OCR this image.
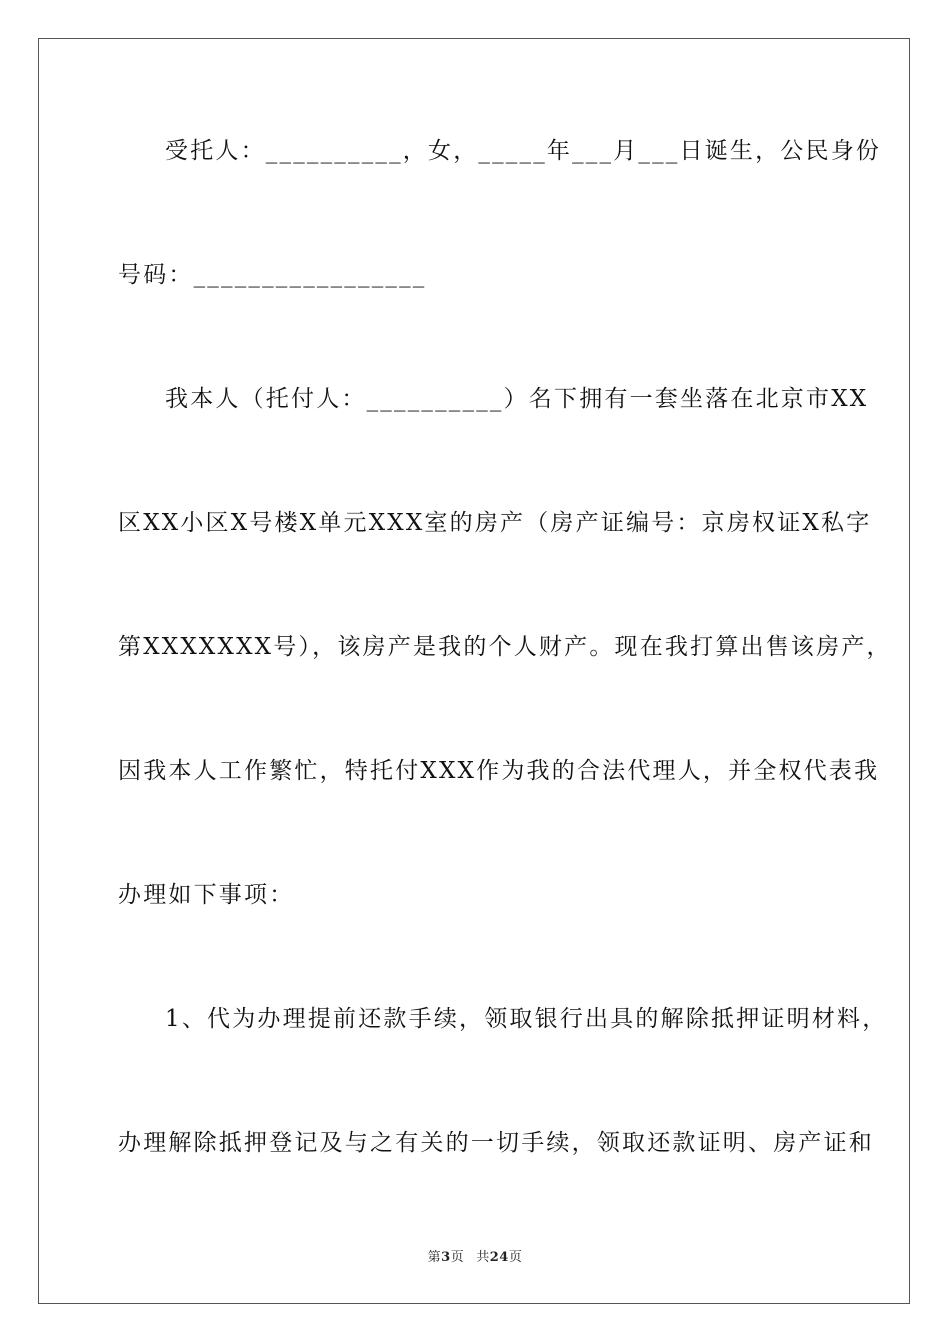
受托人：__________，女，_____年___月___日诞生，公民身份
号码：_________________
我本人（托付人：__________）名下拥有一套坐落在北京市XX
区XX小区X号楼X单元XXX室的房产（房产证编号：京房权证X私字
第XXXXXXX号），该房产是我的个人财产。现在我打算出售该房产，
因我本人工作繁忙，特托付XXX作为我的合法代理人，并全权代表我
办理如下事项：
1、代为办理提前还款手续，领取银行出具的解除抵押证明材料，
办理解除抵押登记及与之有关的一切手续，领取还款证明、房产证和
第3页 共24页
